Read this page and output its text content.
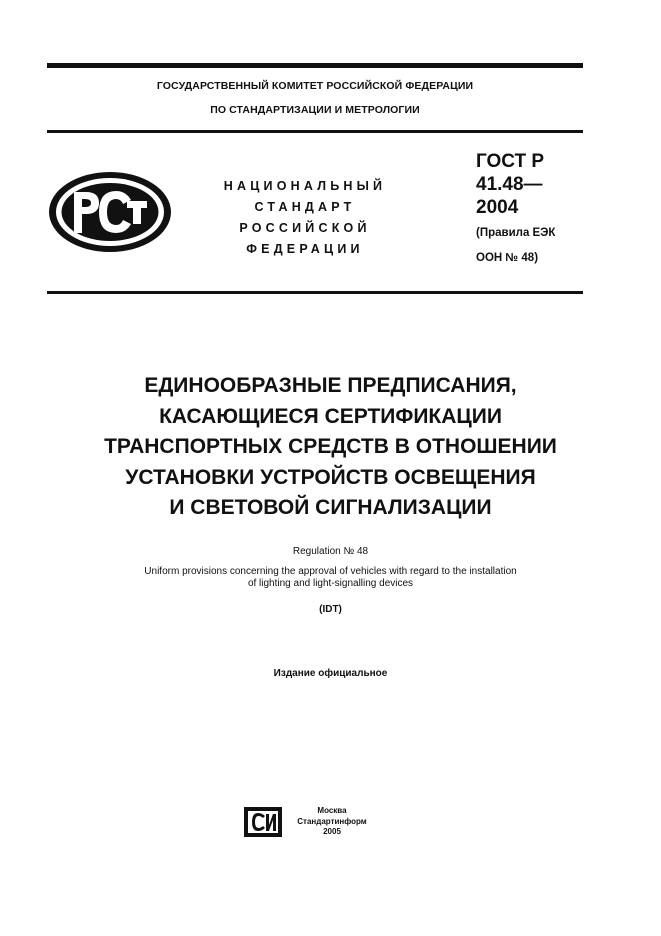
ГОСУДАРСТВЕННЫЙ КОМИТЕТ РОССИЙСКОЙ ФЕДЕРАЦИИ
ПО СТАНДАРТИЗАЦИИ И МЕТРОЛОГИИ
НАЦИОНАЛЬНЫЙ
СТАНДАРТ
РОССИЙСКОЙ
ФЕДЕРАЦИИ
ГОСТ Р
41.48—
2004
(Правила ЕЭК
ООН № 48)
ЕДИНООБРАЗНЫЕ ПРЕДПИСАНИЯ,
КАСАЮЩИЕСЯ СЕРТИФИКАЦИИ
ТРАНСПОРТНЫХ СРЕДСТВ В ОТНОШЕНИИ
УСТАНОВКИ УСТРОЙСТВ ОСВЕЩЕНИЯ
И СВЕТОВОЙ СИГНАЛИЗАЦИИ
Regulation № 48
Uniform provisions concerning the approval of vehicles with regard to the installation
of lighting and light-signalling devices
(IDT)
Издание официальное
Москва
Стандартинформ
2005
